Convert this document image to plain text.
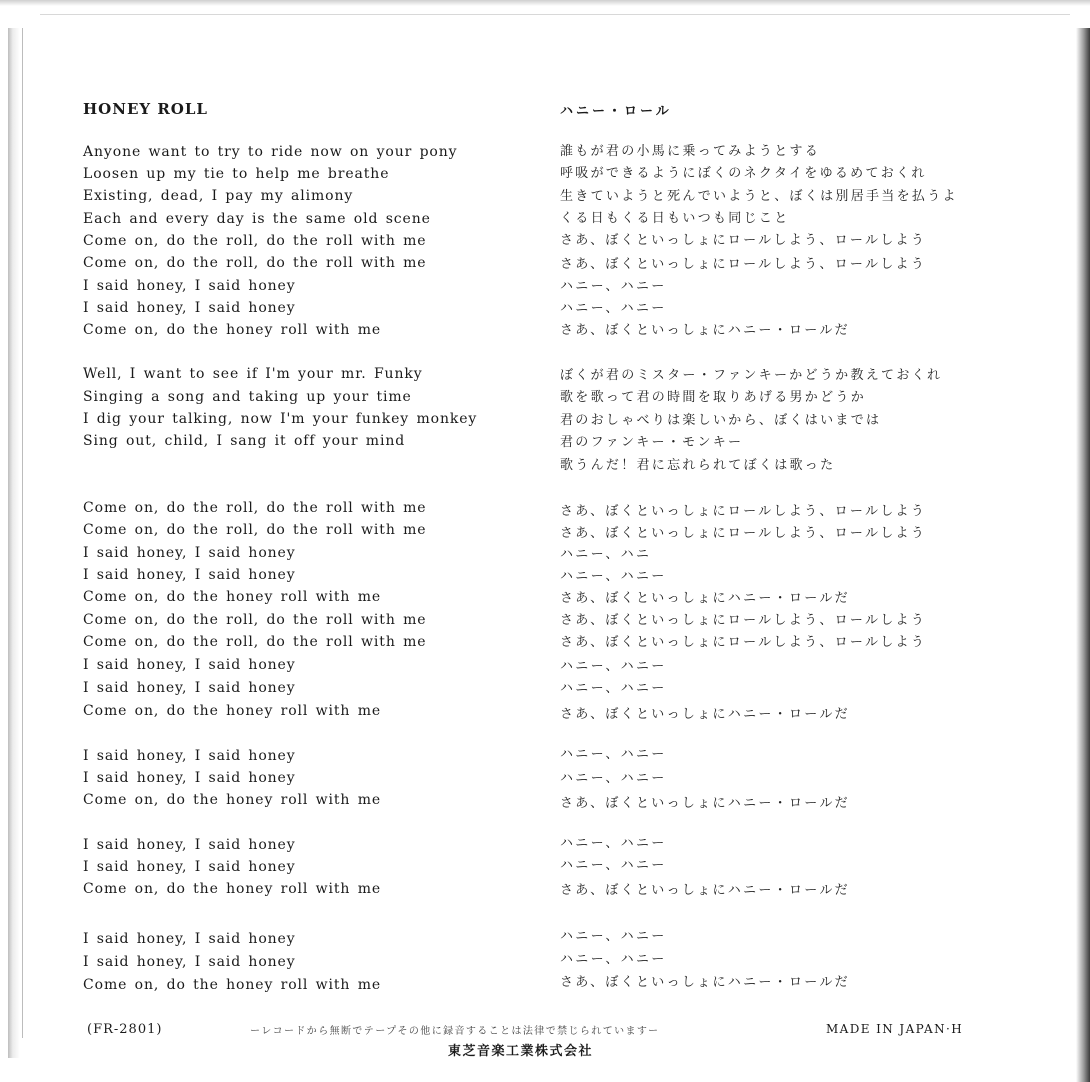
HONEY ROLL	ハニー・ロール
Anyone want to try to ride now on your pony
Loosen up my tie to help me breathe
Existing, dead, I pay my alimony
Each and every day is the same old scene
Come on, do the roll, do the roll with me
Come on, do the roll, do the roll with me
I said honey, I said honey
I said honey, I said honey
Come on, do the honey roll with me
Well, I want to see if I'm your mr. Funky
Singing a song and taking up your time
I dig your talking, now I'm your funkey monkey
Sing out, child, I sang it off your mind
Come on, do the roll, do the roll with me
Come on, do the roll, do the roll with me
I said honey, I said honey
I said honey, I said honey
Come on, do the honey roll with me
Come on, do the roll, do the roll with me
Come on, do the roll, do the roll with me
I said honey, I said honey
I said honey, I said honey
Come on, do the honey roll with me
I said honey, I said honey
I said honey, I said honey
Come on, do the honey roll with me
I said honey, I said honey
I said honey, I said honey
Come on, do the honey roll with me
I said honey, I said honey
I said honey, I said honey
Come on, do the honey roll with me
誰もが君の小馬に乗ってみようとする
呼吸ができるようにぼくのネクタイをゆるめておくれ
生きていようと死んでいようと、ぼくは別居手当を払うよ
くる日もくる日もいつも同じこと
さあ、ぼくといっしょにロールしよう、ロールしよう
さあ、ぼくといっしょにロールしよう、ロールしよう
ハニー、ハニー
ハニー、ハニー
さあ、ぼくといっしょにハニー・ロールだ
ぼくが君のミスター・ファンキーかどうか教えておくれ
歌を歌って君の時間を取りあげる男かどうか
君のおしゃべりは楽しいから、ぼくはいまでは
君のファンキー・モンキー
歌うんだ！君に忘れられてぼくは歌った
さあ、ぼくといっしょにロールしよう、ロールしよう
さあ、ぼくといっしょにロールしよう、ロールしよう
ハニー、ハニ
ハニー、ハニー
さあ、ぼくといっしょにハニー・ロールだ
さあ、ぼくといっしょにロールしよう、ロールしよう
さあ、ぼくといっしょにロールしよう、ロールしよう
ハニー、ハニー
ハニー、ハニー
さあ、ぼくといっしょにハニー・ロールだ
ハニー、ハニー
ハニー、ハニー
さあ、ぼくといっしょにハニー・ロールだ
ハニー、ハニー
ハニー、ハニー
さあ、ぼくといっしょにハニー・ロールだ
ハニー、ハニー
ハニー、ハニー
さあ、ぼくといっしょにハニー・ロールだ
(FR-2801)	ーレコードから無断でテープその他に録音することは法律で禁じられていますー
東芝音楽工業株式会社
MADE IN JAPAN·H
